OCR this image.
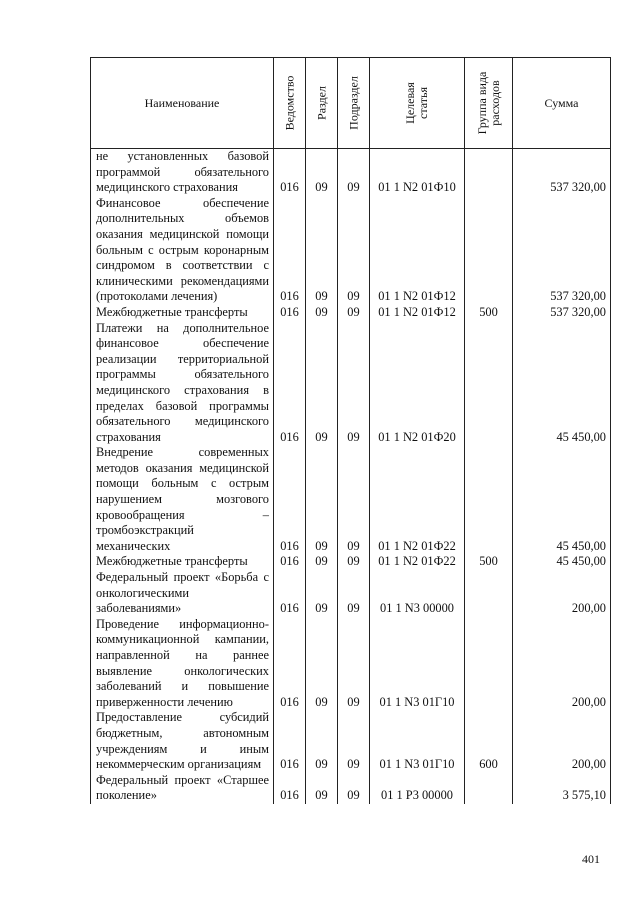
Наименование	Ведомство	Раздел	Подраздел	Целевая статья	Группа вида расходов	Сумма
не установленных базовой программой обязательного медицинского страхования	016	09	09	01 1 N2 01Ф10		537 320,00
Финансовое обеспечение дополнительных объемов оказания медицинской помощи больным с острым коронарным синдромом в соответствии с клиническими рекомендациями (протоколами лечения)	016	09	09	01 1 N2 01Ф12		537 320,00
Межбюджетные трансферты	016	09	09	01 1 N2 01Ф12	500	537 320,00
Платежи на дополнительное финансовое обеспечение реализации территориальной программы обязательного медицинского страхования в пределах базовой программы обязательного медицинского страхования	016	09	09	01 1 N2 01Ф20		45 450,00
Внедрение современных методов оказания медицинской помощи больным с острым нарушением мозгового кровообращения – тромбоэкстракций механических	016	09	09	01 1 N2 01Ф22		45 450,00
Межбюджетные трансферты	016	09	09	01 1 N2 01Ф22	500	45 450,00
Федеральный проект «Борьба с онкологическими заболеваниями»	016	09	09	01 1 N3 00000		200,00
Проведение информационно-коммуникационной кампании, направленной на раннее выявление онкологических заболеваний и повышение приверженности лечению	016	09	09	01 1 N3 01Г10		200,00
Предоставление субсидий бюджетным, автономным учреждениям и иным некоммерческим организациям	016	09	09	01 1 N3 01Г10	600	200,00
Федеральный проект «Старшее поколение»	016	09	09	01 1 P3 00000		3 575,10
401
